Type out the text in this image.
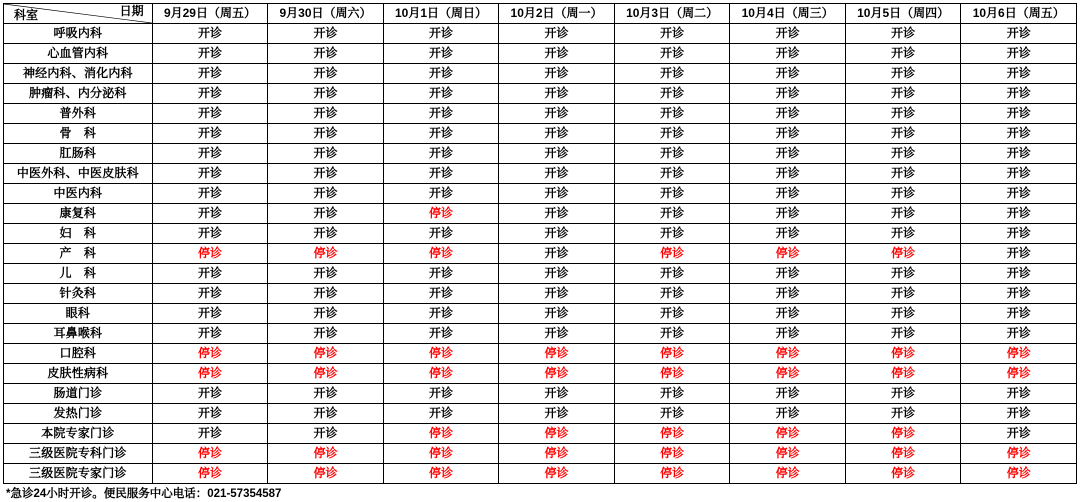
日期
科室	9月29日（周五）	9月30日（周六）	10月1日（周日）	10月2日（周一）	10月3日（周二）	10月4日（周三）	10月5日（周四）	10月6日（周五）
呼吸内科	开诊	开诊	开诊	开诊	开诊	开诊	开诊	开诊
心血管内科	开诊	开诊	开诊	开诊	开诊	开诊	开诊	开诊
神经内科、消化内科	开诊	开诊	开诊	开诊	开诊	开诊	开诊	开诊
肿瘤科、内分泌科	开诊	开诊	开诊	开诊	开诊	开诊	开诊	开诊
普外科	开诊	开诊	开诊	开诊	开诊	开诊	开诊	开诊
骨　科	开诊	开诊	开诊	开诊	开诊	开诊	开诊	开诊
肛肠科	开诊	开诊	开诊	开诊	开诊	开诊	开诊	开诊
中医外科、中医皮肤科	开诊	开诊	开诊	开诊	开诊	开诊	开诊	开诊
中医内科	开诊	开诊	开诊	开诊	开诊	开诊	开诊	开诊
康复科	开诊	开诊	停诊	开诊	开诊	开诊	开诊	开诊
妇　科	开诊	开诊	开诊	开诊	开诊	开诊	开诊	开诊
产　科	停诊	停诊	停诊	开诊	停诊	停诊	停诊	开诊
儿　科	开诊	开诊	开诊	开诊	开诊	开诊	开诊	开诊
针灸科	开诊	开诊	开诊	开诊	开诊	开诊	开诊	开诊
眼科	开诊	开诊	开诊	开诊	开诊	开诊	开诊	开诊
耳鼻喉科	开诊	开诊	开诊	开诊	开诊	开诊	开诊	开诊
口腔科	停诊	停诊	停诊	停诊	停诊	停诊	停诊	停诊
皮肤性病科	停诊	停诊	停诊	停诊	停诊	停诊	停诊	停诊
肠道门诊	开诊	开诊	开诊	开诊	开诊	开诊	开诊	开诊
发热门诊	开诊	开诊	开诊	开诊	开诊	开诊	开诊	开诊
本院专家门诊	开诊	开诊	停诊	停诊	停诊	停诊	停诊	开诊
三级医院专科门诊	停诊	停诊	停诊	停诊	停诊	停诊	停诊	停诊
三级医院专家门诊	停诊	停诊	停诊	停诊	停诊	停诊	停诊	停诊
*急诊24小时开诊。便民服务中心电话：021-57354587
